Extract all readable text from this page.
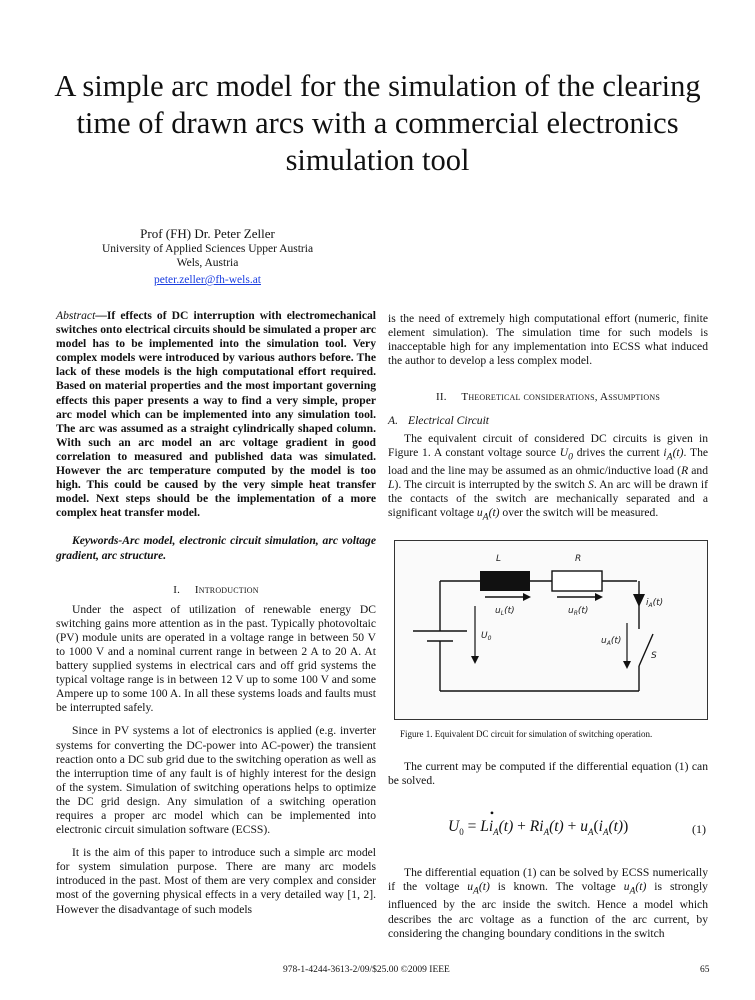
A simple arc model for the simulation of the clearing time of drawn arcs with a commercial electronics simulation tool
Prof (FH) Dr. Peter Zeller
University of Applied Sciences Upper Austria
Wels, Austria
peter.zeller@fh-wels.at

Abstract—If effects of DC interruption with electromechanical switches onto electrical circuits should be simulated a proper arc model has to be implemented into the simulation tool. Very complex models were introduced by various authors before. The lack of these models is the high computational effort required. Based on material properties and the most important governing effects this paper presents a way to find a very simple, proper arc model which can be implemented into any simulation tool. The arc was assumed as a straight cylindrically shaped column. With such an arc model an arc voltage gradient in good correlation to measured and published data was simulated. However the arc temperature computed by the model is too high. This could be caused by the very simple heat transfer model. Next steps should be the implementation of a more complex heat transfer model.

Keywords-Arc model, electronic circuit simulation, arc voltage gradient, arc structure.

I. Introduction

Under the aspect of utilization of renewable energy DC switching gains more attention as in the past. Typically photovoltaic (PV) module units are operated in a voltage range in between 50 V to 1000 V and a nominal current range in between 2 A to 20 A. At battery supplied systems in electrical cars and off grid systems the typical voltage range is in between 12 V up to some 100 V and some Ampere up to some 100 A. In all these systems loads and faults must be interrupted safely.

Since in PV systems a lot of electronics is applied (e.g. inverter systems for converting the DC-power into AC-power) the transient reaction onto a DC sub grid due to the switching operation as well as the interruption time of any fault is of highly interest for the design of the system. Simulation of switching operations helps to optimize the DC grid design. Any simulation of a switching operation requires a proper arc model which can be implemented into electronic circuit simulation software (ECSS).

It is the aim of this paper to introduce such a simple arc model for system simulation purpose. There are many arc models introduced in the past. Most of them are very complex and consider most of the governing physical effects in a very detailed way [1, 2]. However the disadvantage of such models

is the need of extremely high computational effort (numeric, finite element simulation). The simulation time for such models is inacceptable high for any implementation into ECSS what induced the author to develop a less complex model.

II. Theoretical considerations, Assumptions
A. Electrical Circuit

The equivalent circuit of considered DC circuits is given in Figure 1. A constant voltage source $U_0$ drives the current $i_A(t)$. The load and the line may be assumed as an ohmic/inductive load (R and L). The circuit is interrupted by the switch S. An arc will be drawn if the contacts of the switch are mechanically separated and a significant voltage $u_A(t)$ over the switch will be measured.

L	R
$u_L(t)$	$u_R(t)$
$i_A(t)$
$U_0$	$u_A(t)$
S
Figure 1. Equivalent DC circuit for simulation of switching operation.

The current may be computed if the differential equation (1) can be solved.

$U_0 = L$
•
$i_A(t) + Ri_A(t) + u_A(i_A(t))$	(1)

The differential equation (1) can be solved by ECSS numerically if the voltage $u_A(t)$ is known. The voltage $u_A(t)$ is strongly influenced by the arc inside the switch. Hence a model which describes the arc voltage as a function of the arc current, by considering the changing boundary conditions in the switch

978-1-4244-3613-2/09/$25.00 ©2009 IEEE	65
